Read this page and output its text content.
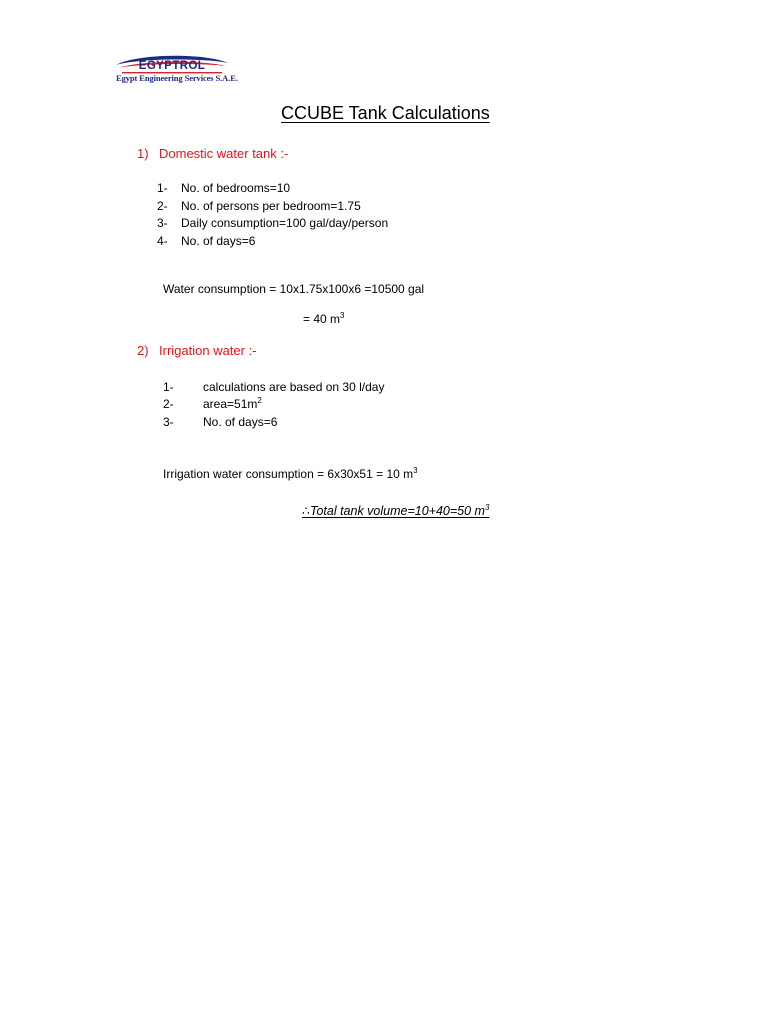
EGYPTROL
Egypt Engineering Services S.A.E.
CCUBE Tank Calculations
1) Domestic water tank :-
1- No. of bedrooms=10
2- No. of persons per bedroom=1.75
3- Daily consumption=100 gal/day/person
4- No. of days=6
Water consumption = 10x1.75x100x6 =10500 gal
= 40 $m^3$
2) Irrigation water :-
1- calculations are based on 30 l/day
2- $area=51m^2$
3- No. of days=6
Irrigation water consumption = 6x30x51 = 10 $m^3$
∴Total tank volume=10+40=50 $m^3$
